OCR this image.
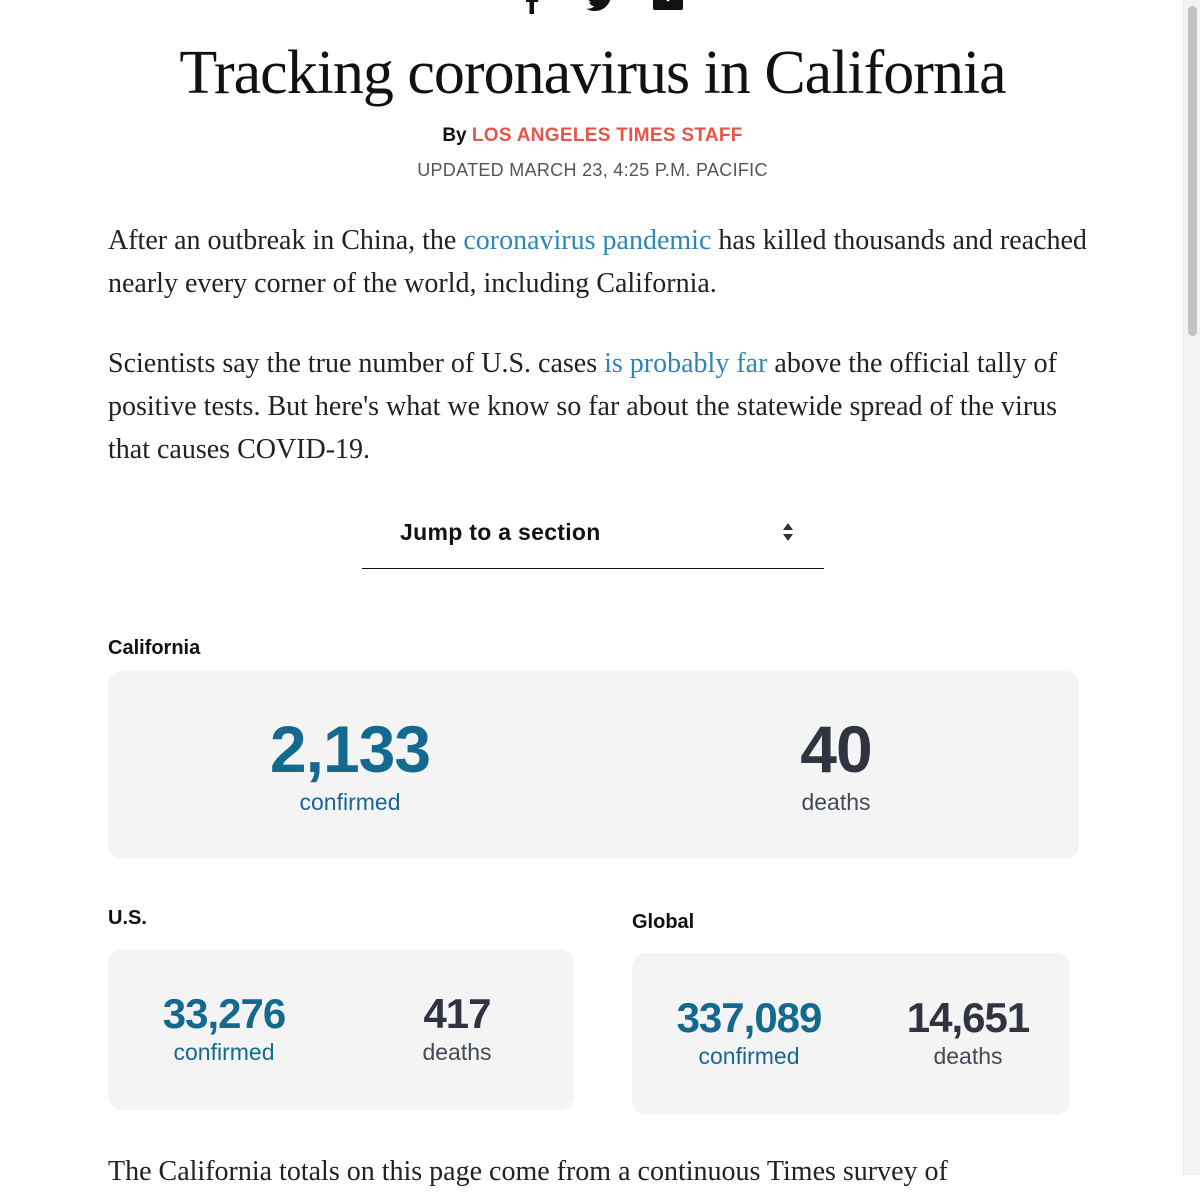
Tracking coronavirus in California
By LOS ANGELES TIMES STAFF
UPDATED MARCH 23, 4:25 P.M. PACIFIC

After an outbreak in China, the coronavirus pandemic has killed thousands and reached nearly every corner of the world, including California.

Scientists say the true number of U.S. cases is probably far above the official tally of positive tests. But here's what we know so far about the statewide spread of the virus that causes COVID-19.

Jump to a section
California
2,133
confirmed
40
deaths
U.S.
33,276
confirmed
417
deaths
Global
337,089
confirmed
14,651
deaths

The California totals on this page come from a continuous Times survey of
